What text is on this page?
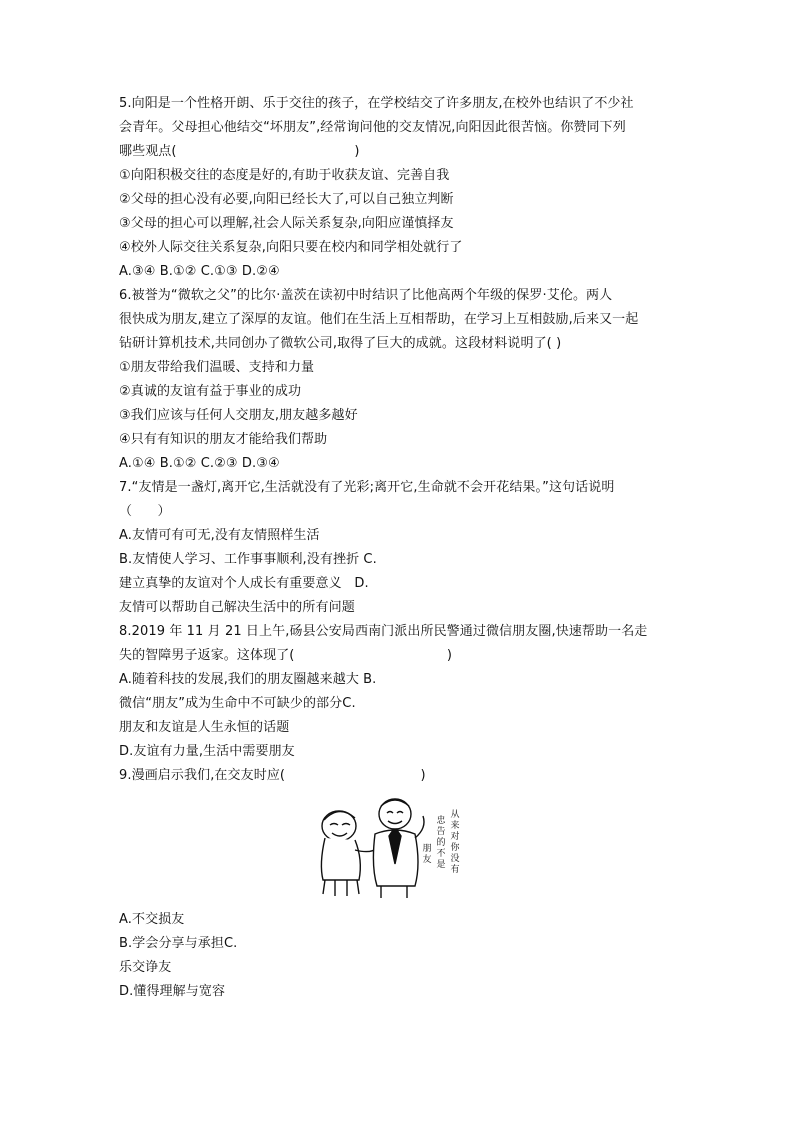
5.向阳是一个性格开朗、乐于交往的孩子，在学校结交了许多朋友,在校外也结识了不少社
会青年。父母担心他结交“坏朋友”,经常询问他的交友情况,向阳因此很苦恼。你赞同下列
哪些观点(                                          )
①向阳积极交往的态度是好的,有助于收获友谊、完善自我
②父母的担心没有必要,向阳已经长大了,可以自己独立判断
③父母的担心可以理解,社会人际关系复杂,向阳应谨慎择友
④校外人际交往关系复杂,向阳只要在校内和同学相处就行了
A.③④ B.①② C.①③ D.②④
6.被誉为“微软之父”的比尔·盖茨在读初中时结识了比他高两个年级的保罗·艾伦。两人
很快成为朋友,建立了深厚的友谊。他们在生活上互相帮助，在学习上互相鼓励,后来又一起
钻研计算机技术,共同创办了微软公司,取得了巨大的成就。这段材料说明了( )
①朋友带给我们温暖、支持和力量
②真诚的友谊有益于事业的成功
③我们应该与任何人交朋友,朋友越多越好
④只有有知识的朋友才能给我们帮助
A.①④ B.①② C.②③ D.③④
7.“友情是一盏灯,离开它,生活就没有了光彩;离开它,生命就不会开花结果。”这句话说明
（      ）
A.友情可有可无,没有友情照样生活
B.友情使人学习、工作事事顺利,没有挫折 C.
建立真挚的友谊对个人成长有重要意义   D.
友情可以帮助自己解决生活中的所有问题
8.2019 年 11 月 21 日上午,砀县公安局西南门派出所民警通过微信朋友圈,快速帮助一名走
失的智障男子返家。这体现了(                                    )
A.随着科技的发展,我们的朋友圈越来越大 B.
微信“朋友”成为生命中不可缺少的部分C.
朋友和友谊是人生永恒的话题
D.友谊有力量,生活中需要朋友
9.漫画启示我们,在交友时应(                                )
从来对你没有
忠告的不是
朋友
A.不交损友
B.学会分享与承担C.
乐交诤友
D.懂得理解与宽容
